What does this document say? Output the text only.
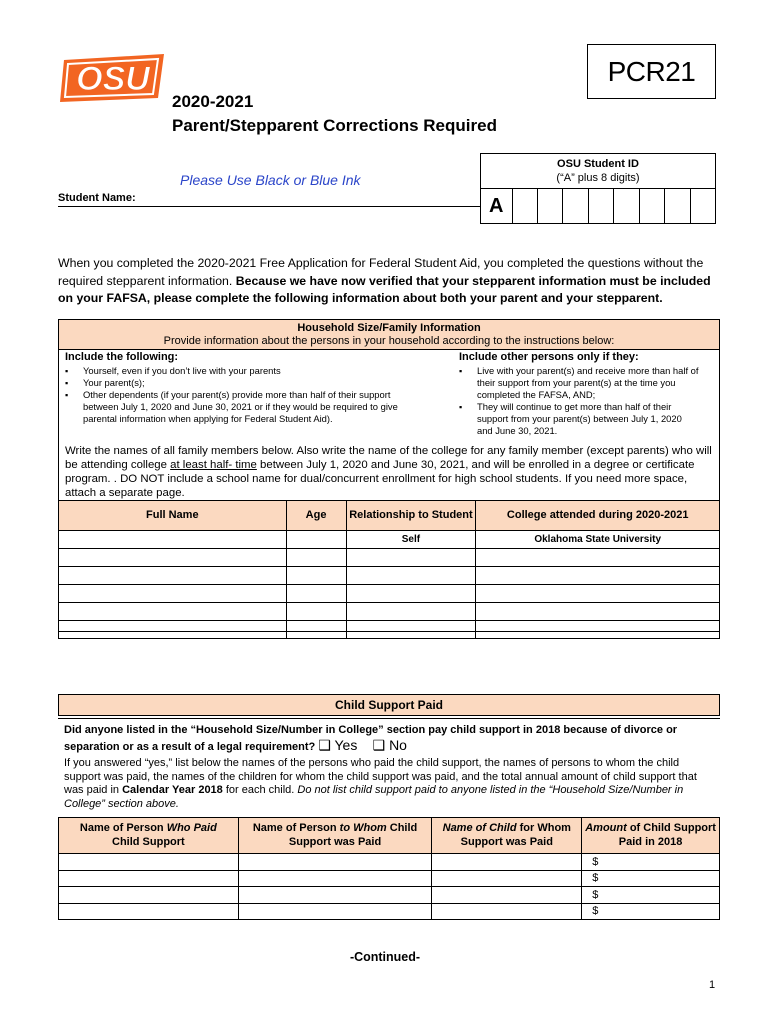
OSU	PCR21
2020-2021
Parent/Stepparent Corrections Required
Please Use Black or Blue Ink
Student Name:
OSU Student ID
(“A” plus 8 digits)
A
When you completed the 2020-2021 Free Application for Federal Student Aid, you completed the questions without the required stepparent information. Because we have now verified that your stepparent information must be included on your FAFSA, please complete the following information about both your parent and your stepparent.
Household Size/Family Information
Provide information about the persons in your household according to the instructions below:
Include the following:	Include other persons only if they:
▪ Yourself, even if you don’t live with your parents
▪ Your parent(s);
▪ Other dependents (if your parent(s) provide more than half of their support between July 1, 2020 and June 30, 2021 or if they would be required to give parental information when applying for Federal Student Aid).
▪ Live with your parent(s) and receive more than half of their support from your parent(s) at the time you completed the FAFSA, AND;
▪ They will continue to get more than half of their support from your parent(s) between July 1, 2020 and June 30, 2021.
Write the names of all family members below. Also write the name of the college for any family member (except parents) who will be attending college at least half- time between July 1, 2020 and June 30, 2021, and will be enrolled in a degree or certificate program. . DO NOT include a school name for dual/concurrent enrollment for high school students. If you need more space, attach a separate page.
Full Name	Age	Relationship to Student	College attended during 2020-2021
		Self	Oklahoma State University

Child Support Paid
Did anyone listed in the “Household Size/Number in College” section pay child support in 2018 because of divorce or separation or as a result of a legal requirement? ❑ Yes ❑ No
If you answered “yes,” list below the names of the persons who paid the child support, the names of persons to whom the child support was paid, the names of the children for whom the child support was paid, and the total annual amount of child support that was paid in Calendar Year 2018 for each child. Do not list child support paid to anyone listed in the “Household Size/Number in College” section above.
Name of Person Who Paid
Child Support	Name of Person to Whom Child Support was Paid	Name of Child for Whom Support was Paid	Amount of Child Support Paid in 2018
			$
			$
			$
			$
-Continued-
1
